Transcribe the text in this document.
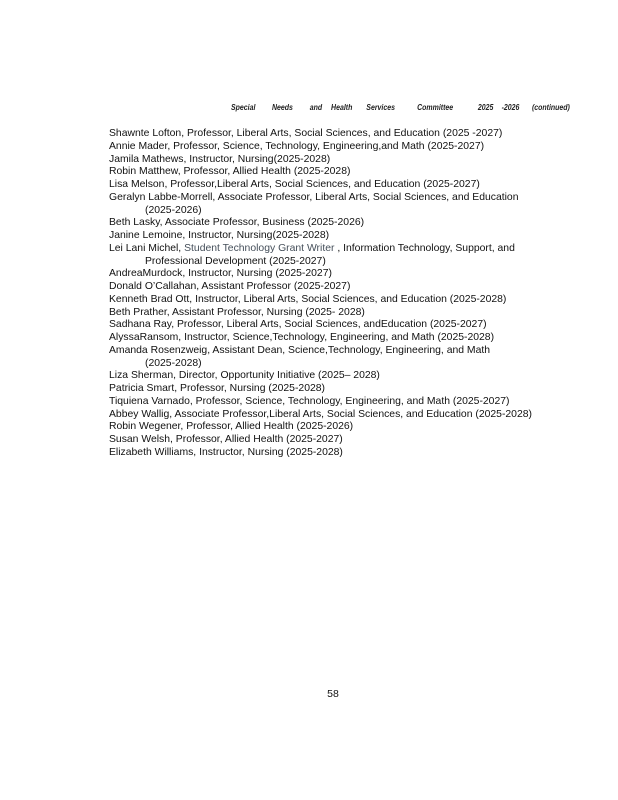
Special Needs and Health Services	Committee	2025 -2026 (continued)
Shawnte Lofton, Professor, Liberal Arts, Social Sciences, and Education (2025 -2027)
Annie Mader, Professor, Science, Technology, Engineering,and Math (2025-2027)
Jamila Mathews, Instructor, Nursing(2025-2028)
Robin Matthew, Professor, Allied Health (2025-2028)
Lisa Melson, Professor,Liberal Arts, Social Sciences, and Education (2025-2027)
Geralyn Labbe-Morrell, Associate Professor, Liberal Arts, Social Sciences, and Education
(2025-2026)
Beth Lasky, Associate Professor, Business (2025-2026)
Janine Lemoine, Instructor, Nursing(2025-2028)
Lei Lani Michel, Student Technology Grant Writer , Information Technology, Support, and
Professional Development (2025-2027)
AndreaMurdock, Instructor, Nursing (2025-2027)
Donald O’Callahan, Assistant Professor (2025-2027)
Kenneth Brad Ott, Instructor, Liberal Arts, Social Sciences, and Education (2025-2028)
Beth Prather, Assistant Professor, Nursing (2025- 2028)
Sadhana Ray, Professor, Liberal Arts, Social Sciences, andEducation (2025-2027)
AlyssaRansom, Instructor, Science,Technology, Engineering, and Math (2025-2028)
Amanda Rosenzweig, Assistant Dean, Science,Technology, Engineering, and Math
(2025-2028)
Liza Sherman, Director, Opportunity Initiative (2025– 2028)
Patricia Smart, Professor, Nursing (2025-2028)
Tiquiena Varnado, Professor, Science, Technology, Engineering, and Math (2025-2027)
Abbey Wallig, Associate Professor,Liberal Arts, Social Sciences, and Education (2025-2028)
Robin Wegener, Professor, Allied Health (2025-2026)
Susan Welsh, Professor, Allied Health (2025-2027)
Elizabeth Williams, Instructor, Nursing (2025-2028)
58
